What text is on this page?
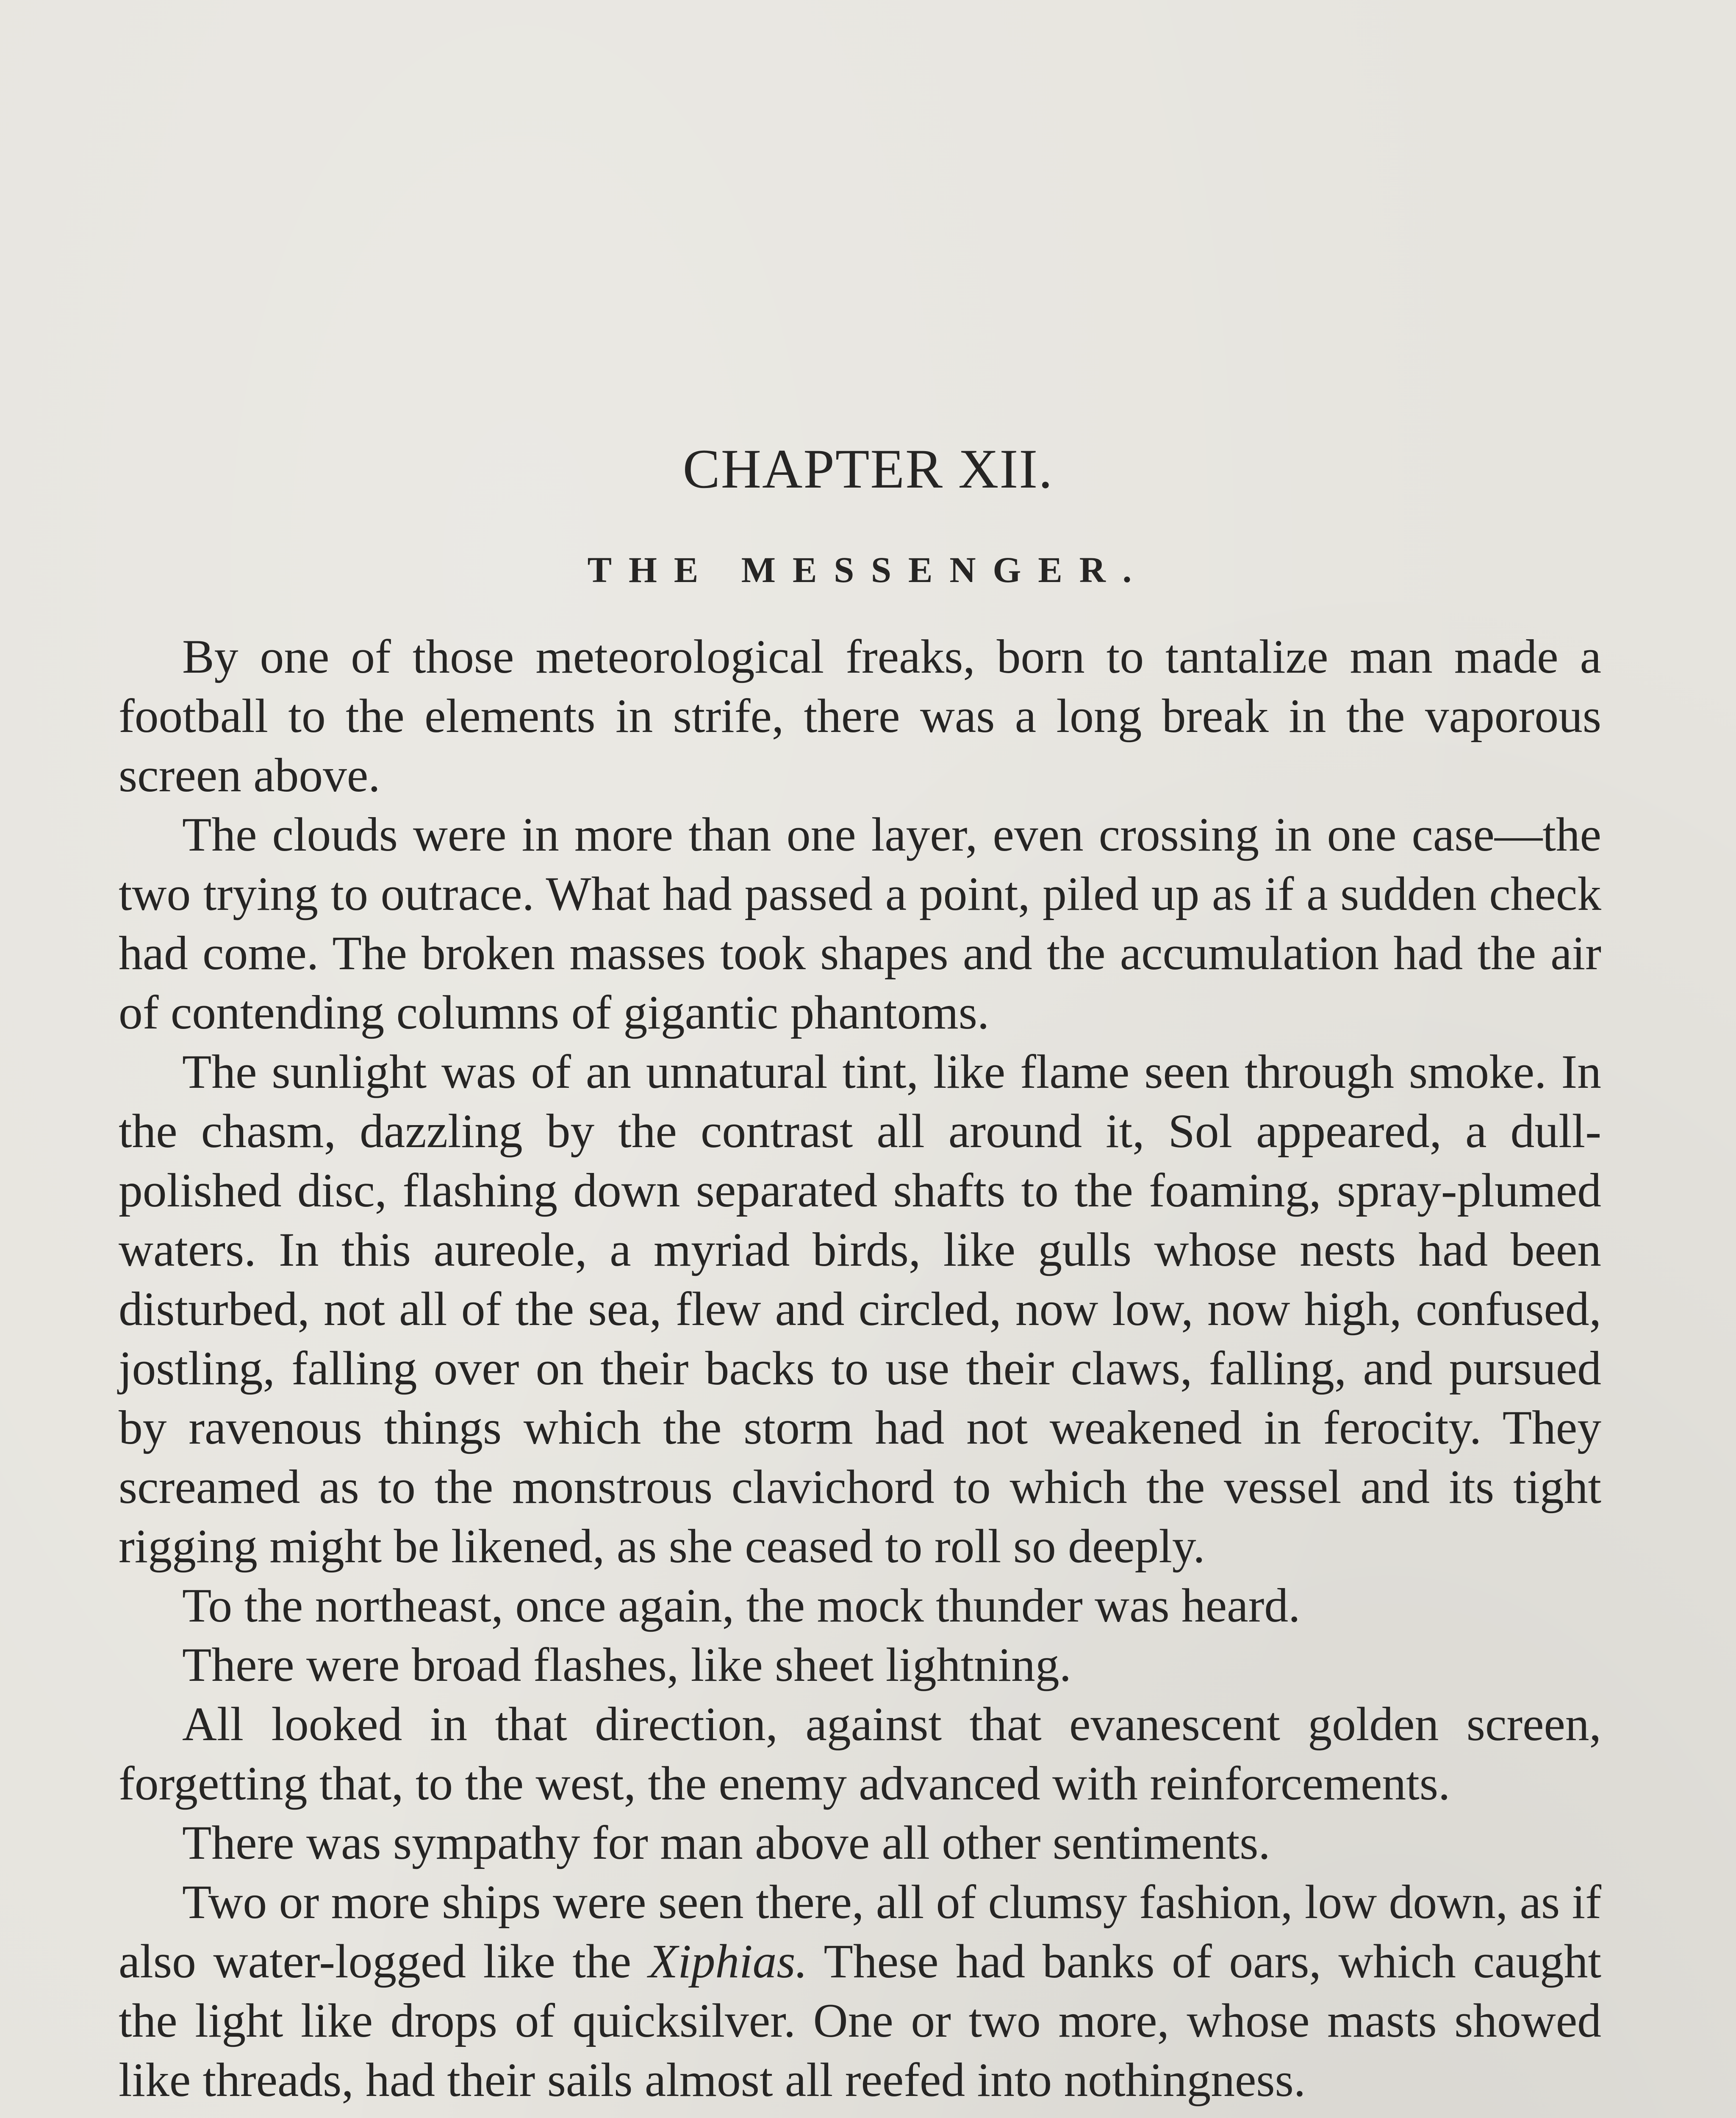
CHAPTER XII.
THE MESSENGER.

By one of those meteorological freaks, born to tantalize man made a football to the elements in strife, there was a long break in the vaporous screen above.

The clouds were in more than one layer, even crossing in one case—the two trying to outrace. What had passed a point, piled up as if a sudden check had come. The broken masses took shapes and the accumulation had the air of contending columns of gigantic phantoms.

The sunlight was of an unnatural tint, like flame seen through smoke. In the chasm, dazzling by the contrast all around it, Sol appeared, a dull-polished disc, flashing down separated shafts to the foaming, spray-plumed waters. In this aureole, a myriad birds, like gulls whose nests had been disturbed, not all of the sea, flew and circled, now low, now high, confused, jostling, falling over on their backs to use their claws, falling, and pursued by ravenous things which the storm had not weakened in ferocity. They screamed as to the monstrous clavichord to which the vessel and its tight rigging might be likened, as she ceased to roll so deeply.

To the northeast, once again, the mock thunder was heard.

There were broad flashes, like sheet lightning.

All looked in that direction, against that evanescent golden screen, forgetting that, to the west, the enemy advanced with reinforcements.

There was sympathy for man above all other sentiments.

Two or more ships were seen there, all of clumsy fashion, low down, as if also water-logged like the Xiphias. These had banks of oars, which caught the light like drops of quicksilver. One or two more, whose masts showed like threads, had their sails almost all reefed into nothingness.
